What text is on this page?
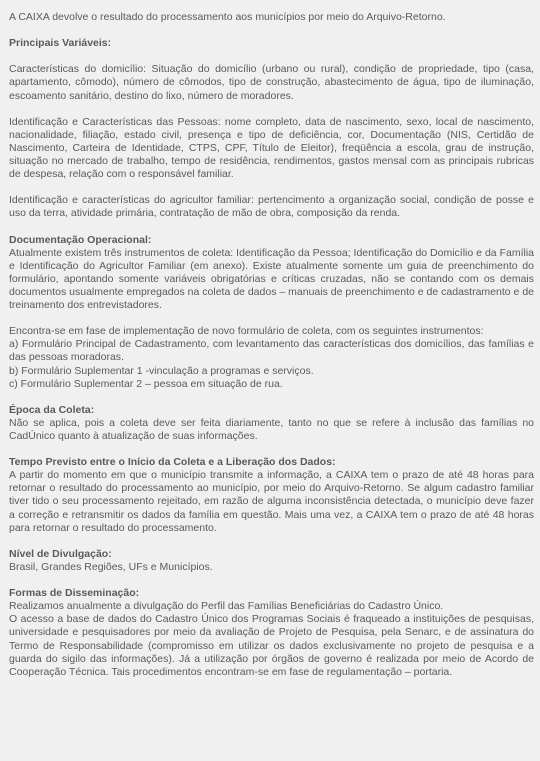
A CAIXA devolve o resultado do processamento aos municípios por meio do Arquivo-Retorno.

Principais Variáveis:

Características do domicílio: Situação do domicílio (urbano ou rural), condição de propriedade, tipo (casa, apartamento, cômodo), número de cômodos, tipo de construção, abastecimento de água, tipo de iluminação, escoamento sanitário, destino do lixo, número de moradores.

Identificação e Características das Pessoas: nome completo, data de nascimento, sexo, local de nascimento, nacionalidade, filiação, estado civil, presença e tipo de deficiência, cor, Documentação (NIS, Certidão de Nascimento, Carteira de Identidade, CTPS, CPF, Título de Eleitor), freqüência a escola, grau de instrução, situação no mercado de trabalho, tempo de residência, rendimentos, gastos mensal com as principais rubricas de despesa, relação com o responsável familiar.

Identificação e características do agricultor familiar: pertencimento a organização social, condição de posse e uso da terra, atividade primária, contratação de mão de obra, composição da renda.

Documentação Operacional:
Atualmente existem três instrumentos de coleta: Identificação da Pessoa; Identificação do Domicílio e da Família e Identificação do Agricultor Familiar (em anexo). Existe atualmente somente um guia de preenchimento do formulário, apontando somente variáveis obrigatórias e críticas cruzadas, não se contando com os demais documentos usualmente empregados na coleta de dados – manuais de preenchimento e de cadastramento e de treinamento dos entrevistadores.

Encontra-se em fase de implementação de novo formulário de coleta, com os seguintes instrumentos:
a) Formulário Principal de Cadastramento, com levantamento das características dos domicílios, das famílias e das pessoas moradoras.
b) Formulário Suplementar 1 -vinculação a programas e serviços.
c) Formulário Suplementar 2 – pessoa em situação de rua.

Época da Coleta:
Não se aplica, pois a coleta deve ser feita diariamente, tanto no que se refere à inclusão das famílias no CadÚnico quanto à atualização de suas informações.

Tempo Previsto entre o Início da Coleta e a Liberação dos Dados:
A partir do momento em que o município transmite a informação, a CAIXA tem o prazo de até 48 horas para retornar o resultado do processamento ao município, por meio do Arquivo-Retorno. Se algum cadastro familiar tiver tido o seu processamento rejeitado, em razão de alguma inconsistência detectada, o município deve fazer a correção e retransmitir os dados da família em questão. Mais uma vez, a CAIXA tem o prazo de até 48 horas para retornar o resultado do processamento.

Nível de Divulgação:
Brasil, Grandes Regiões, UFs e Municípios.

Formas de Disseminação:
Realizamos anualmente a divulgação do Perfil das Famílias Beneficiárias do Cadastro Único.
O acesso a base de dados do Cadastro Único dos Programas Sociais é fraqueado a instituições de pesquisas, universidade e pesquisadores por meio da avaliação de Projeto de Pesquisa, pela Senarc, e de assinatura do Termo de Responsabilidade (compromisso em utilizar os dados exclusivamente no projeto de pesquisa e a guarda do sigilo das informações). Já a utilização por órgãos de governo é realizada por meio de Acordo de Cooperação Técnica. Tais procedimentos encontram-se em fase de regulamentação – portaria.
